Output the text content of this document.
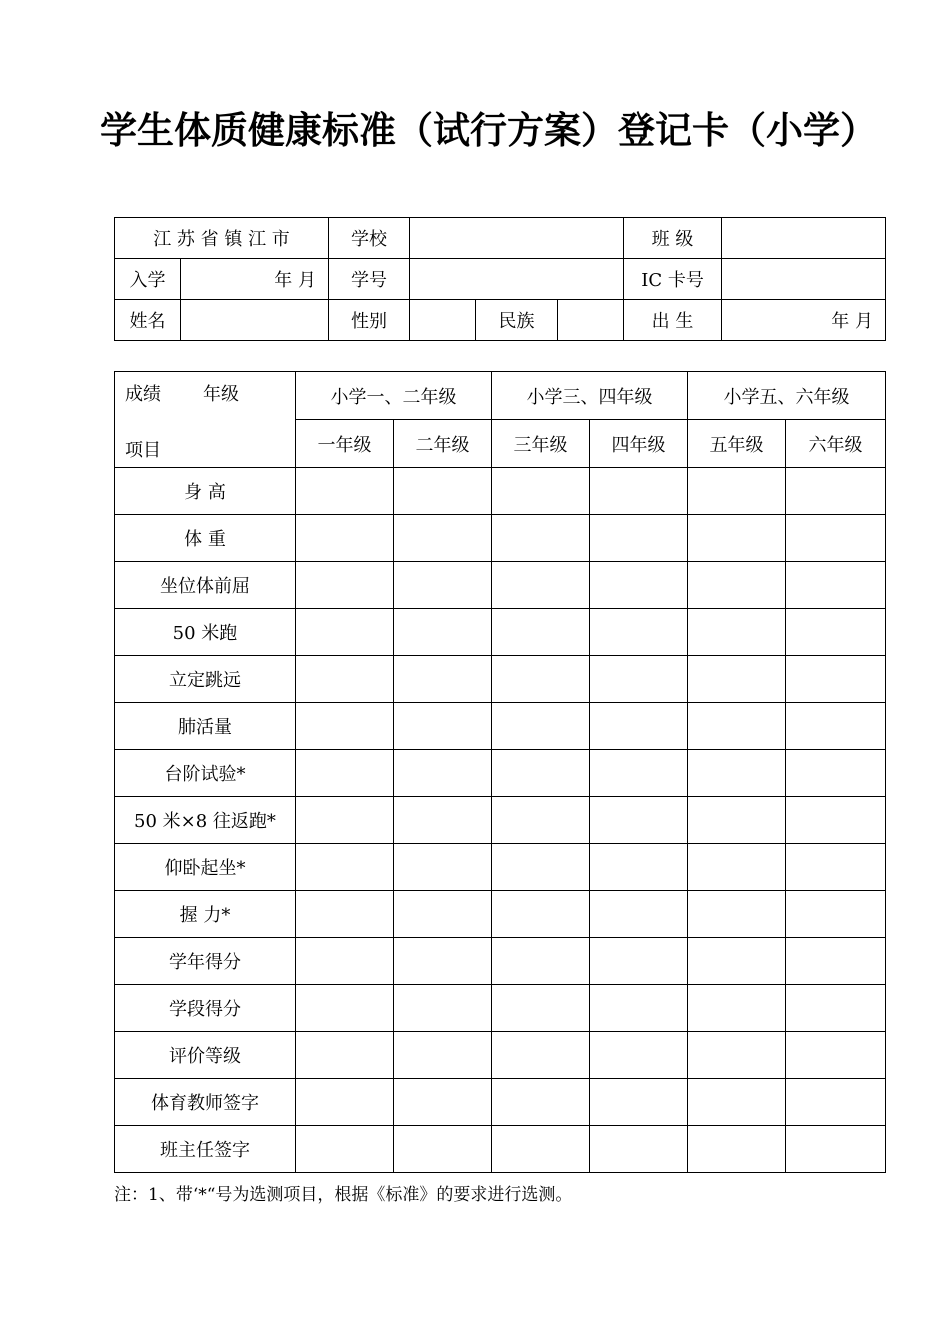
学生体质健康标准（试行方案）登记卡（小学）
江 苏 省 镇 江 市		学校				班 级	
入学	年 月	学号				IC 卡号	
姓名		性别		民族		出 生	年 月
成绩 年级
项目	小学一、二年级		小学三、四年级		小学五、六年级	
	一年级	二年级	三年级	四年级	五年级	六年级
身 高						
体 重						
坐位体前屈						
50 米跑						
立定跳远						
肺活量						
台阶试验*						
50 米×8 往返跑*						
仰卧起坐*						
握 力*						
学年得分						
学段得分						
评价等级						
体育教师签字						
班主任签字						
注：1、带‘*“号为选测项目，根据《标准》的要求进行选测。
